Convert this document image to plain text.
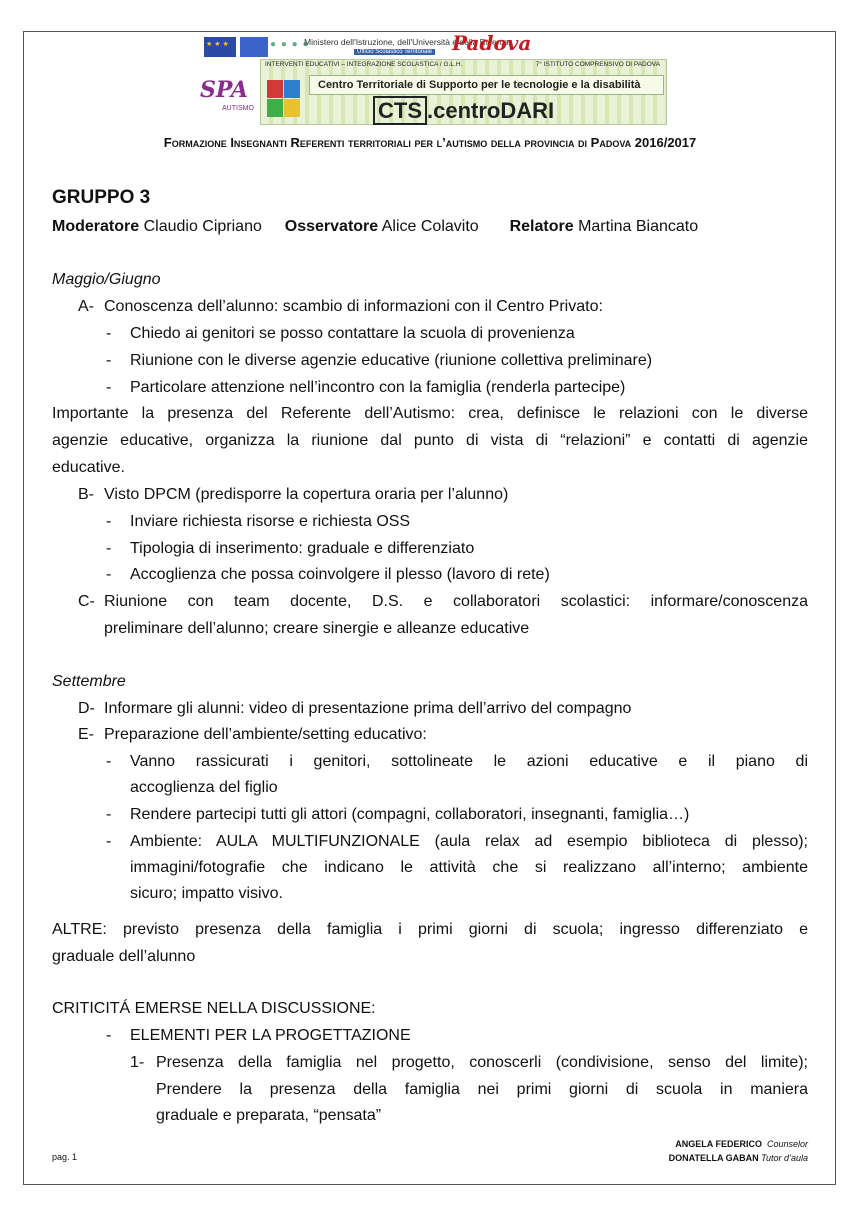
★ ★ ★
● ● ● ●
Ministero dell'Istruzione, dell'Università e della Ricerca
Ufficio Scolastico Territoriale Padova
SPA
AUTISMO
INTERVENTI EDUCATIVI – INTEGRAZIONE SCOLASTICA / G.L.H.	7° ISTITUTO COMPRENSIVO DI PADOVA
Centro Territoriale di Supporto per le tecnologie e la disabilità
CTS .centroDARI
Formazione Insegnanti Referenti territoriali per l’autismo della provincia di Padova 2016/2017
GRUPPO 3
Moderatore Claudio Cipriano Osservatore Alice Colavito Relatore Martina Biancato
Maggio/Giugno
A- Conoscenza dell’alunno: scambio di informazioni con il Centro Privato:
- Chiedo ai genitori se posso contattare la scuola di provenienza
- Riunione con le diverse agenzie educative (riunione collettiva preliminare)
- Particolare attenzione nell’incontro con la famiglia (renderla partecipe)
Importante la presenza del Referente dell’Autismo: crea, definisce le relazioni con le diverse
agenzie educative, organizza la riunione dal punto di vista di “relazioni” e contatti di agenzie
educative.
B- Visto DPCM (predisporre la copertura oraria per l’alunno)
- Inviare richiesta risorse e richiesta OSS
- Tipologia di inserimento: graduale e differenziato
- Accoglienza che possa coinvolgere il plesso (lavoro di rete)
C- Riunione con team docente, D.S. e collaboratori scolastici: informare/conoscenza
preliminare dell’alunno; creare sinergie e alleanze educative
Settembre
D- Informare gli alunni: video di presentazione prima dell’arrivo del compagno
E- Preparazione dell’ambiente/setting educativo:
- Vanno rassicurati i genitori, sottolineate le azioni educative e il piano di
accoglienza del figlio
- Rendere partecipi tutti gli attori (compagni, collaboratori, insegnanti, famiglia…)
- Ambiente: AULA MULTIFUNZIONALE (aula relax ad esempio biblioteca di plesso);
immagini/fotografie che indicano le attività che si realizzano all’interno; ambiente
sicuro; impatto visivo.
ALTRE: previsto presenza della famiglia i primi giorni di scuola; ingresso differenziato e
graduale dell’alunno
CRITICITÁ EMERSE NELLA DISCUSSIONE:
- ELEMENTI PER LA PROGETTAZIONE
1- Presenza della famiglia nel progetto, conoscerli (condivisione, senso del limite);
Prendere la presenza della famiglia nei primi giorni di scuola in maniera
graduale e preparata, “pensata”
pag. 1
ANGELA FEDERICO Counselor
DONATELLA GABAN Tutor d’aula
